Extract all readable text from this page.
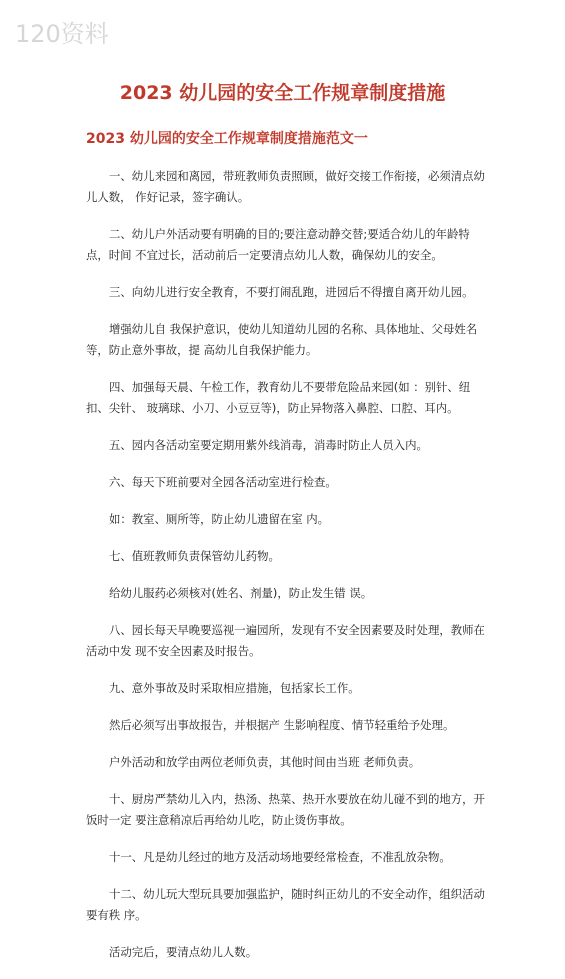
120资料
2023 幼儿园的安全工作规章制度措施
2023 幼儿园的安全工作规章制度措施范文一

一、幼儿来园和离园，带班教师负责照顾，做好交接工作衔接，必须清点幼儿人数， 作好记录，签字确认。

二、幼儿户外活动要有明确的目的;要注意动静交替;要适合幼儿的年龄特点，时间 不宜过长，活动前后一定要清点幼儿人数，确保幼儿的安全。

三、向幼儿进行安全教育，不要打闹乱跑，进园后不得擅自离开幼儿园。

增强幼儿自 我保护意识，使幼儿知道幼儿园的名称、具体地址、父母姓名等，防止意外事故，提 高幼儿自我保护能力。

四、加强每天晨、午检工作，教育幼儿不要带危险品来园(如 ：别针、纽扣、尖针、 玻璃球、小刀、小豆豆等)，防止异物落入鼻腔、口腔、耳内。

五、园内各活动室要定期用紫外线消毒，消毒时防止人员入内。

六、每天下班前要对全园各活动室进行检查。

如：教室、厕所等，防止幼儿遗留在室 内。

七、值班教师负责保管幼儿药物。

给幼儿服药必须核对(姓名、剂量)，防止发生错 误。

八、园长每天早晚要巡视一遍园所，发现有不安全因素要及时处理，教师在活动中发 现不安全因素及时报告。

九、意外事故及时采取相应措施，包括家长工作。

然后必须写出事故报告，并根据产 生影响程度、情节轻重给予处理。

户外活动和放学由两位老师负责，其他时间由当班 老师负责。

十、厨房严禁幼儿入内，热汤、热菜、热开水要放在幼儿碰不到的地方，开饭时一定 要注意稍凉后再给幼儿吃，防止烫伤事故。

十一、凡是幼儿经过的地方及活动场地要经常检查，不准乱放杂物。

十二、幼儿玩大型玩具要加强监护，随时纠正幼儿的不安全动作，组织活动要有秩 序。

活动完后，要清点幼儿人数。
